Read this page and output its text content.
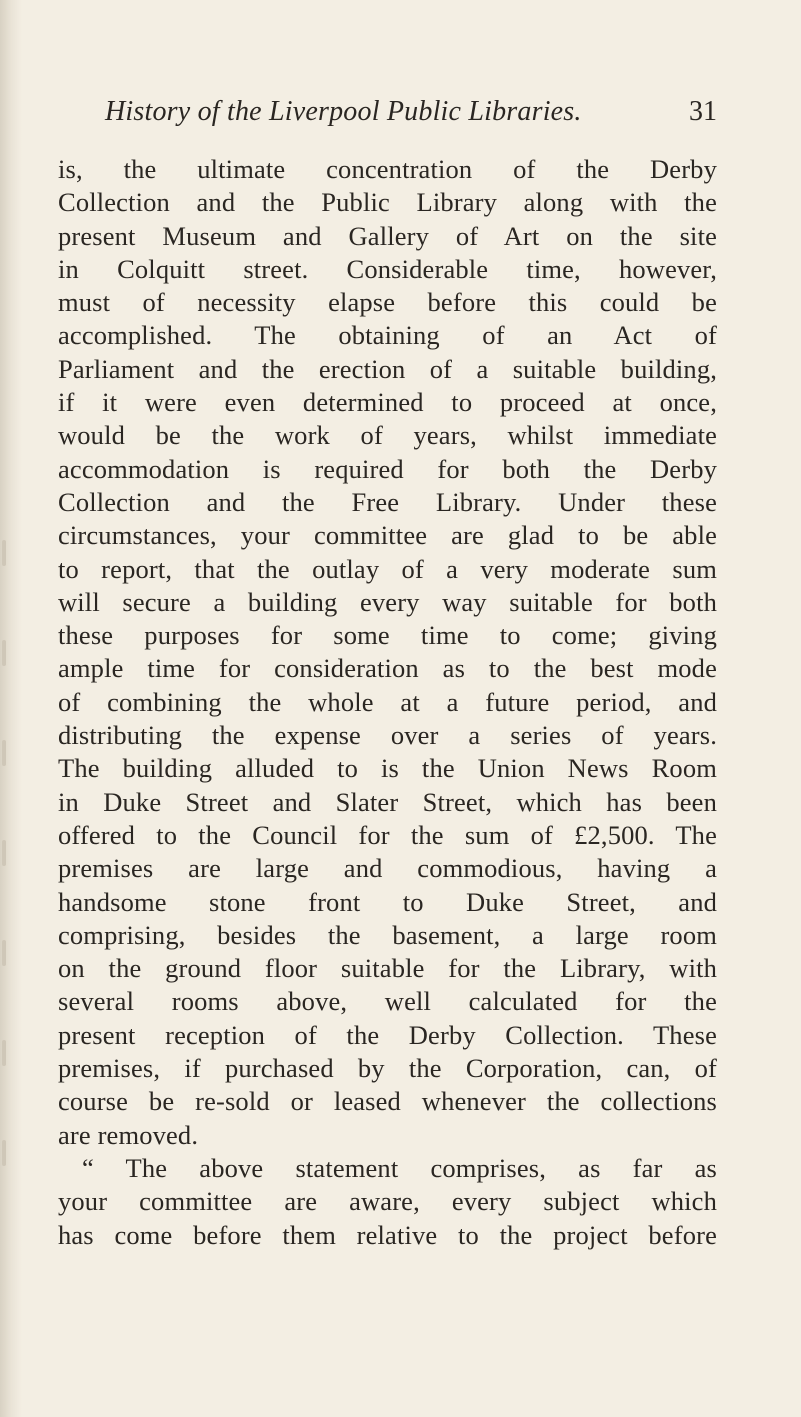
History of the Liverpool Public Libraries.	31
is, the ultimate concentration of the Derby
Collection and the Public Library along with the
present Museum and Gallery of Art on the site
in Colquitt street. Considerable time, however,
must of necessity elapse before this could be
accomplished. The obtaining of an Act of
Parliament and the erection of a suitable building,
if it were even determined to proceed at once,
would be the work of years, whilst immediate
accommodation is required for both the Derby
Collection and the Free Library. Under these
circumstances, your committee are glad to be able
to report, that the outlay of a very moderate sum
will secure a building every way suitable for both
these purposes for some time to come; giving
ample time for consideration as to the best mode
of combining the whole at a future period, and
distributing the expense over a series of years.
The building alluded to is the Union News Room
in Duke Street and Slater Street, which has been
offered to the Council for the sum of £2,500. The
premises are large and commodious, having a
handsome stone front to Duke Street, and
comprising, besides the basement, a large room
on the ground floor suitable for the Library, with
several rooms above, well calculated for the
present reception of the Derby Collection. These
premises, if purchased by the Corporation, can, of
course be re-sold or leased whenever the collections
are removed.
“ The above statement comprises, as far as
your committee are aware, every subject which
has come before them relative to the project before
